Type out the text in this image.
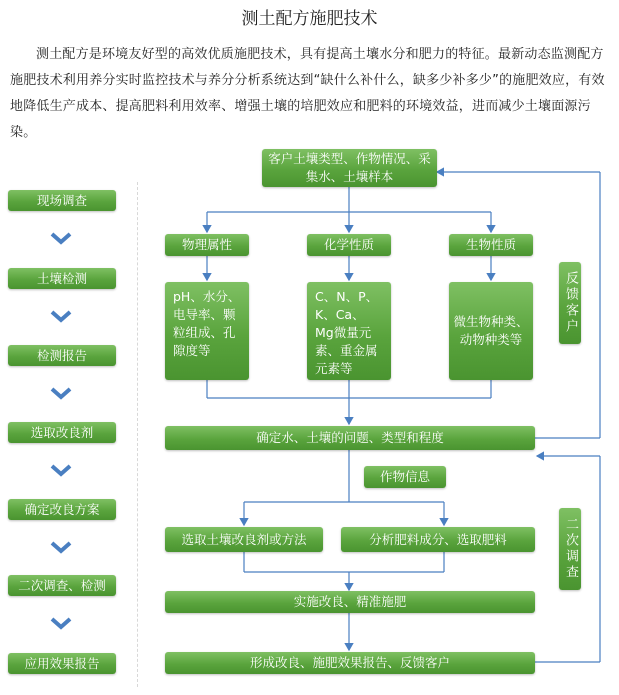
测土配方施肥技术
测土配方是环境友好型的高效优质施肥技术，具有提高土壤水分和肥力的特征。最新动态监测配方施肥技术利用养分实时监控技术与养分分析系统达到“缺什么补什么，缺多少补多少”的施肥效应，有效地降低生产成本、提高肥料利用效率、增强土壤的培肥效应和肥料的环境效益，进而减少土壤面源污染。
现场调查
土壤检测
检测报告
选取改良剂
确定改良方案
二次调查、检测
应用效果报告
客户土壤类型、作物情况、采集水、土壤样本
物理属性	化学性质	生物性质
pH、水分、电导率、颗粒组成、孔隙度等
C、N、P、K、Ca、Mg微量元素、重金属元素等
微生物种类、动物种类等
反馈客户
确定水、土壤的问题、类型和程度
作物信息
选取土壤改良剂或方法	分析肥料成分、选取肥料	二次调查
实施改良、精准施肥
形成改良、施肥效果报告、反馈客户
